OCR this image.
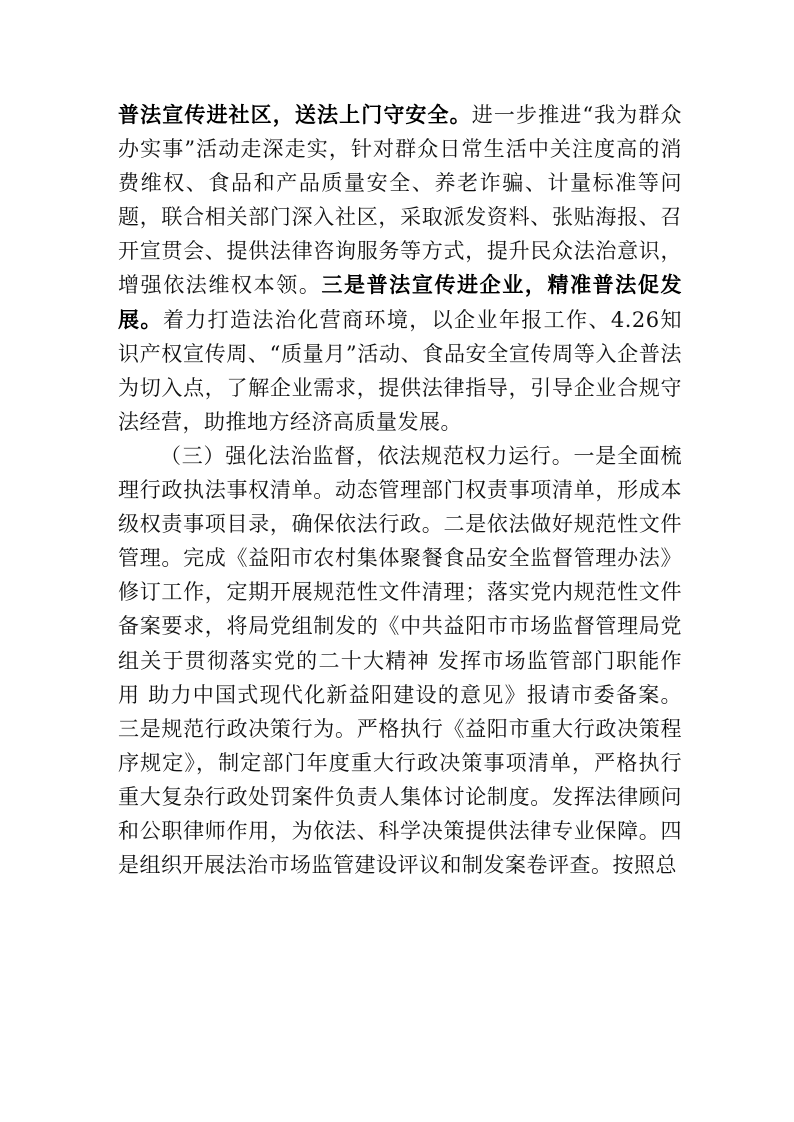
普法宣传进社区，送法上门守安全。进一步推进“我为群众办实事”活动走深走实，针对群众日常生活中关注度高的消费维权、食品和产品质量安全、养老诈骗、计量标准等问题，联合相关部门深入社区，采取派发资料、张贴海报、召开宣贯会、提供法律咨询服务等方式，提升民众法治意识，增强依法维权本领。三是普法宣传进企业，精准普法促发展。着力打造法治化营商环境，以企业年报工作、4.26知识产权宣传周、“质量月”活动、食品安全宣传周等入企普法为切入点，了解企业需求，提供法律指导，引导企业合规守法经营，助推地方经济高质量发展。

（三）强化法治监督，依法规范权力运行。一是全面梳理行政执法事权清单。动态管理部门权责事项清单，形成本级权责事项目录，确保依法行政。二是依法做好规范性文件管理。完成《益阳市农村集体聚餐食品安全监督管理办法》修订工作，定期开展规范性文件清理；落实党内规范性文件备案要求，将局党组制发的《中共益阳市市场监督管理局党组关于贯彻落实党的二十大精神 发挥市场监管部门职能作用 助力中国式现代化新益阳建设的意见》报请市委备案。三是规范行政决策行为。严格执行《益阳市重大行政决策程序规定》，制定部门年度重大行政决策事项清单，严格执行重大复杂行政处罚案件负责人集体讨论制度。发挥法律顾问和公职律师作用，为依法、科学决策提供法律专业保障。四是组织开展法治市场监管建设评议和制发案卷评查。按照总
